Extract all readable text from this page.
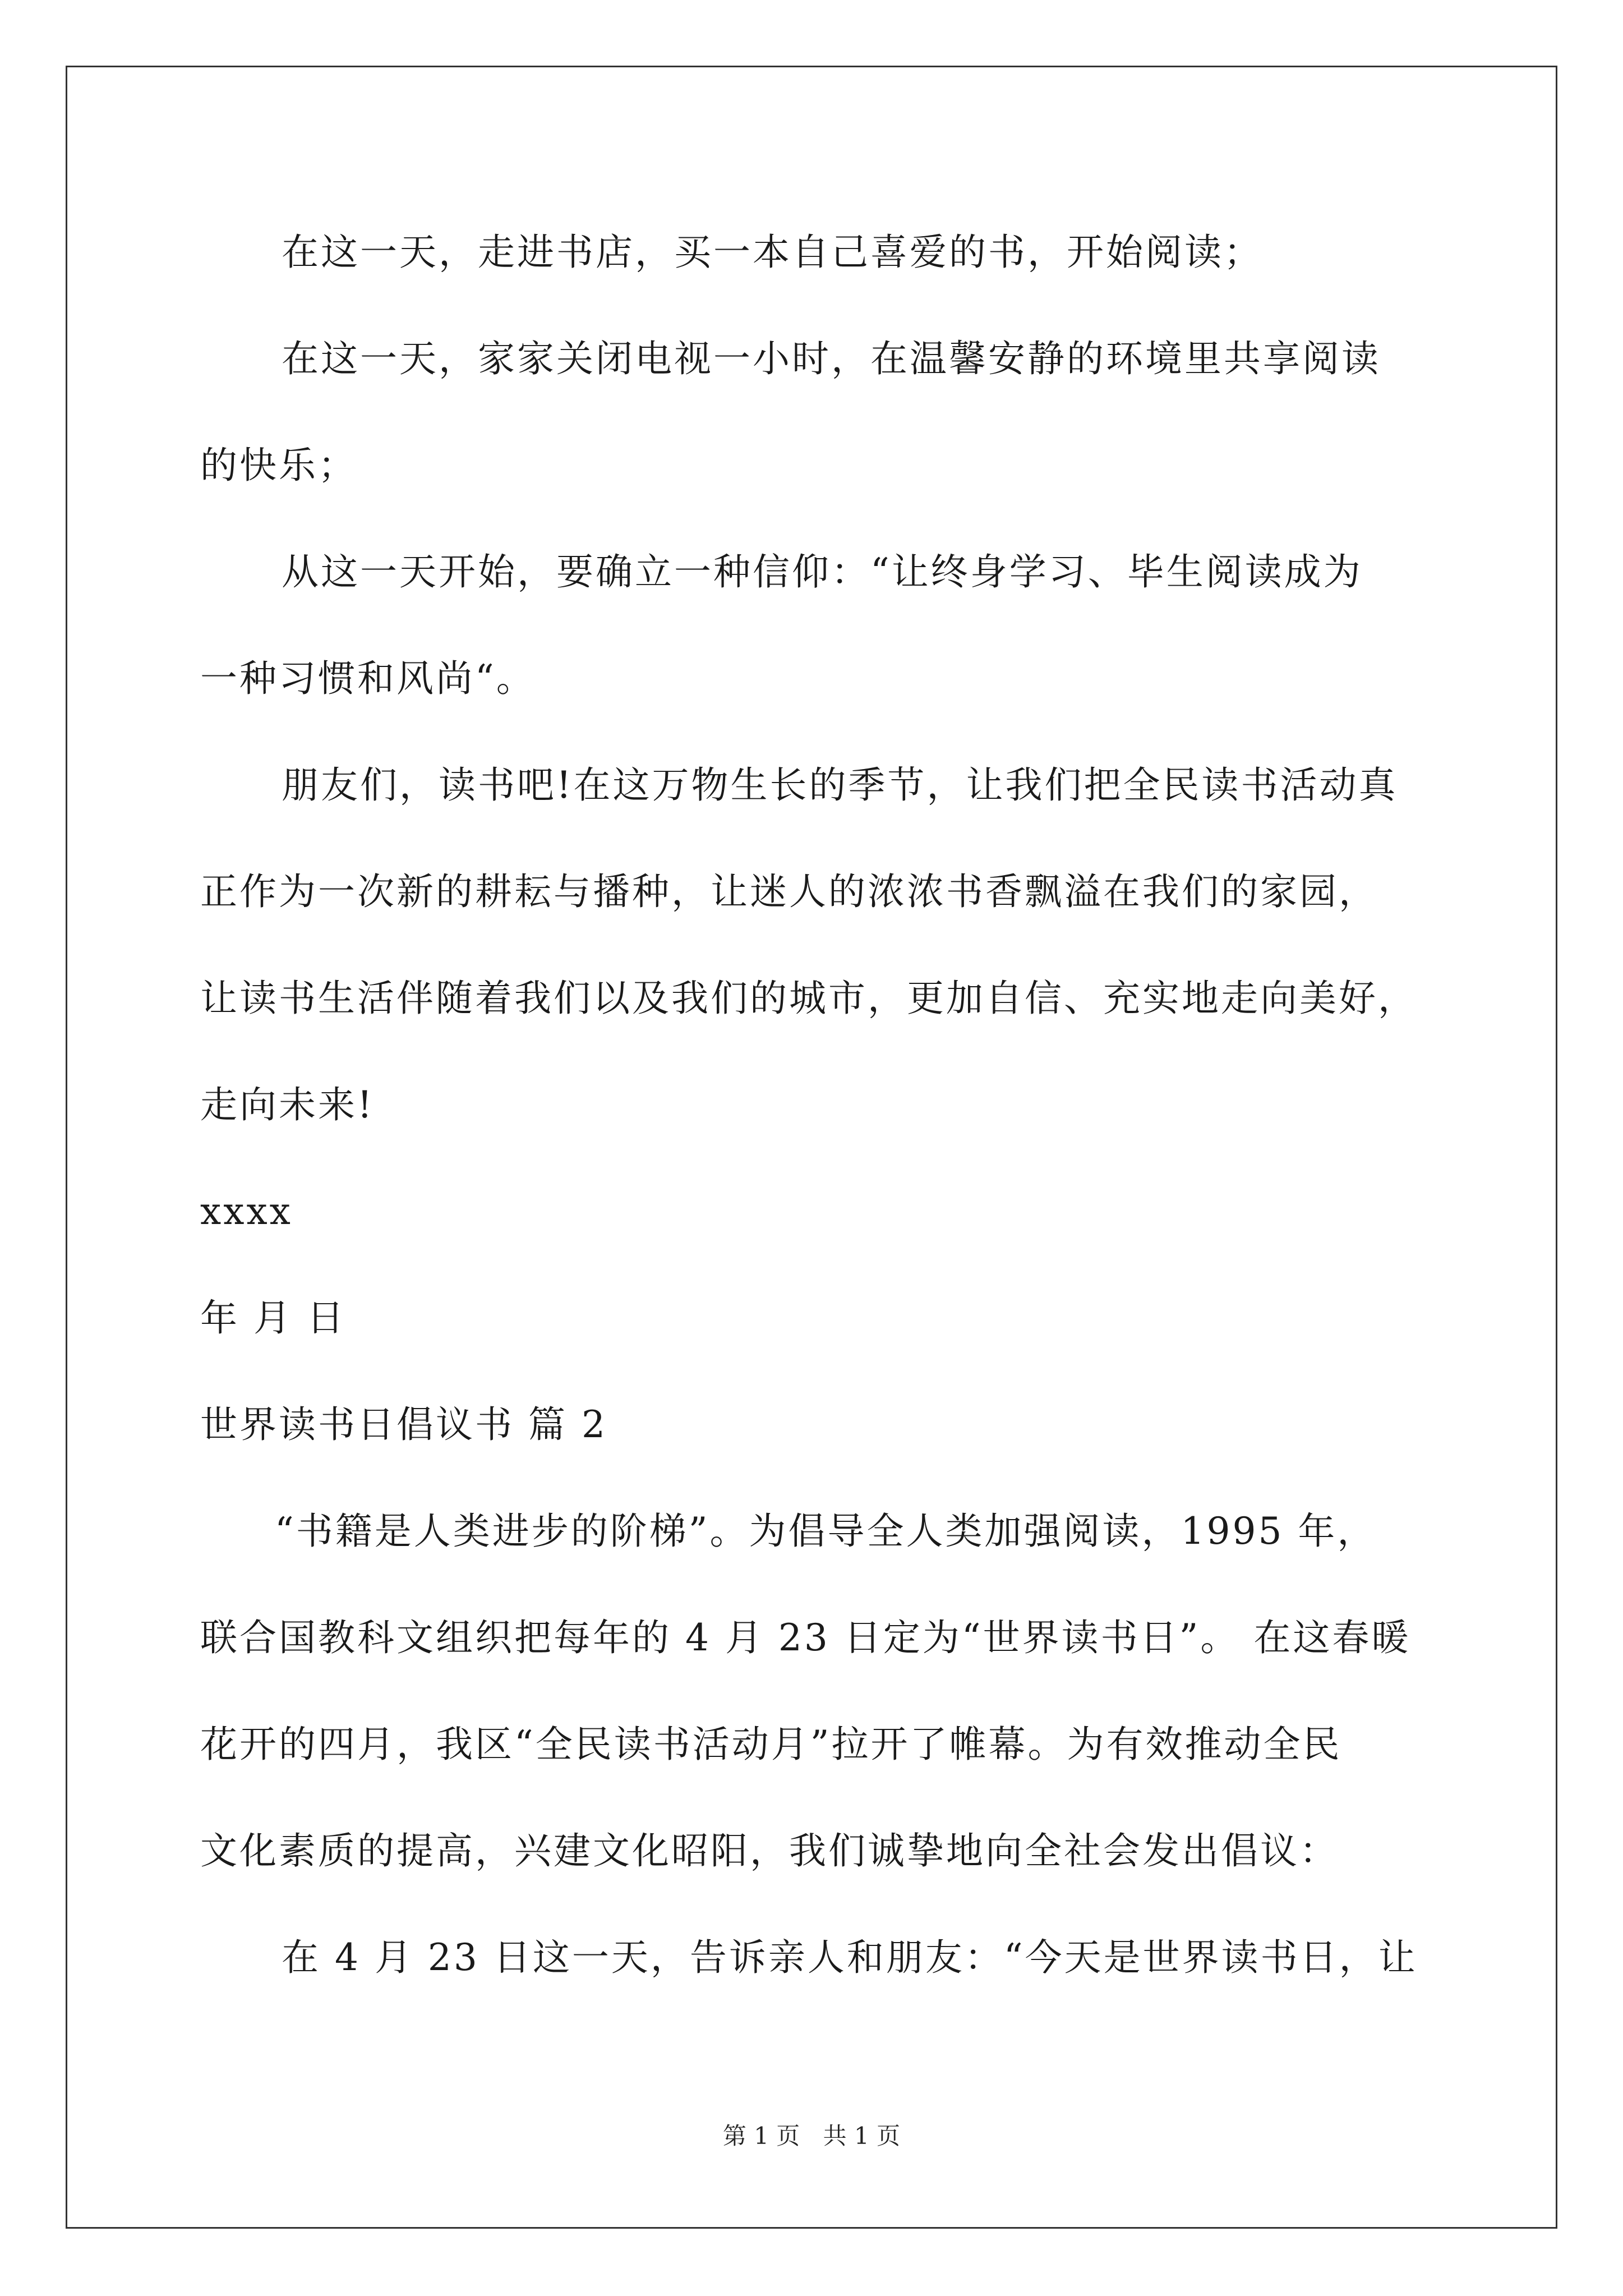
在这一天，走进书店，买一本自己喜爱的书，开始阅读；
在这一天，家家关闭电视一小时，在温馨安静的环境里共享阅读
的快乐；
从这一天开始，要确立一种信仰：“让终身学习、毕生阅读成为
一种习惯和风尚“。
朋友们，读书吧!在这万物生长的季节，让我们把全民读书活动真
正作为一次新的耕耘与播种，让迷人的浓浓书香飘溢在我们的家园，
让读书生活伴随着我们以及我们的城市，更加自信、充实地走向美好，
走向未来!
xxxx
年 月 日
世界读书日倡议书 篇 2
“书籍是人类进步的阶梯”。为倡导全人类加强阅读，1995 年，
联合国教科文组织把每年的 4 月 23 日定为“世界读书日”。 在这春暖
花开的四月，我区“全民读书活动月”拉开了帷幕。为有效推动全民
文化素质的提高，兴建文化昭阳，我们诚挚地向全社会发出倡议：
在 4 月 23 日这一天，告诉亲人和朋友：“今天是世界读书日，让
第 1 页 共 1 页
